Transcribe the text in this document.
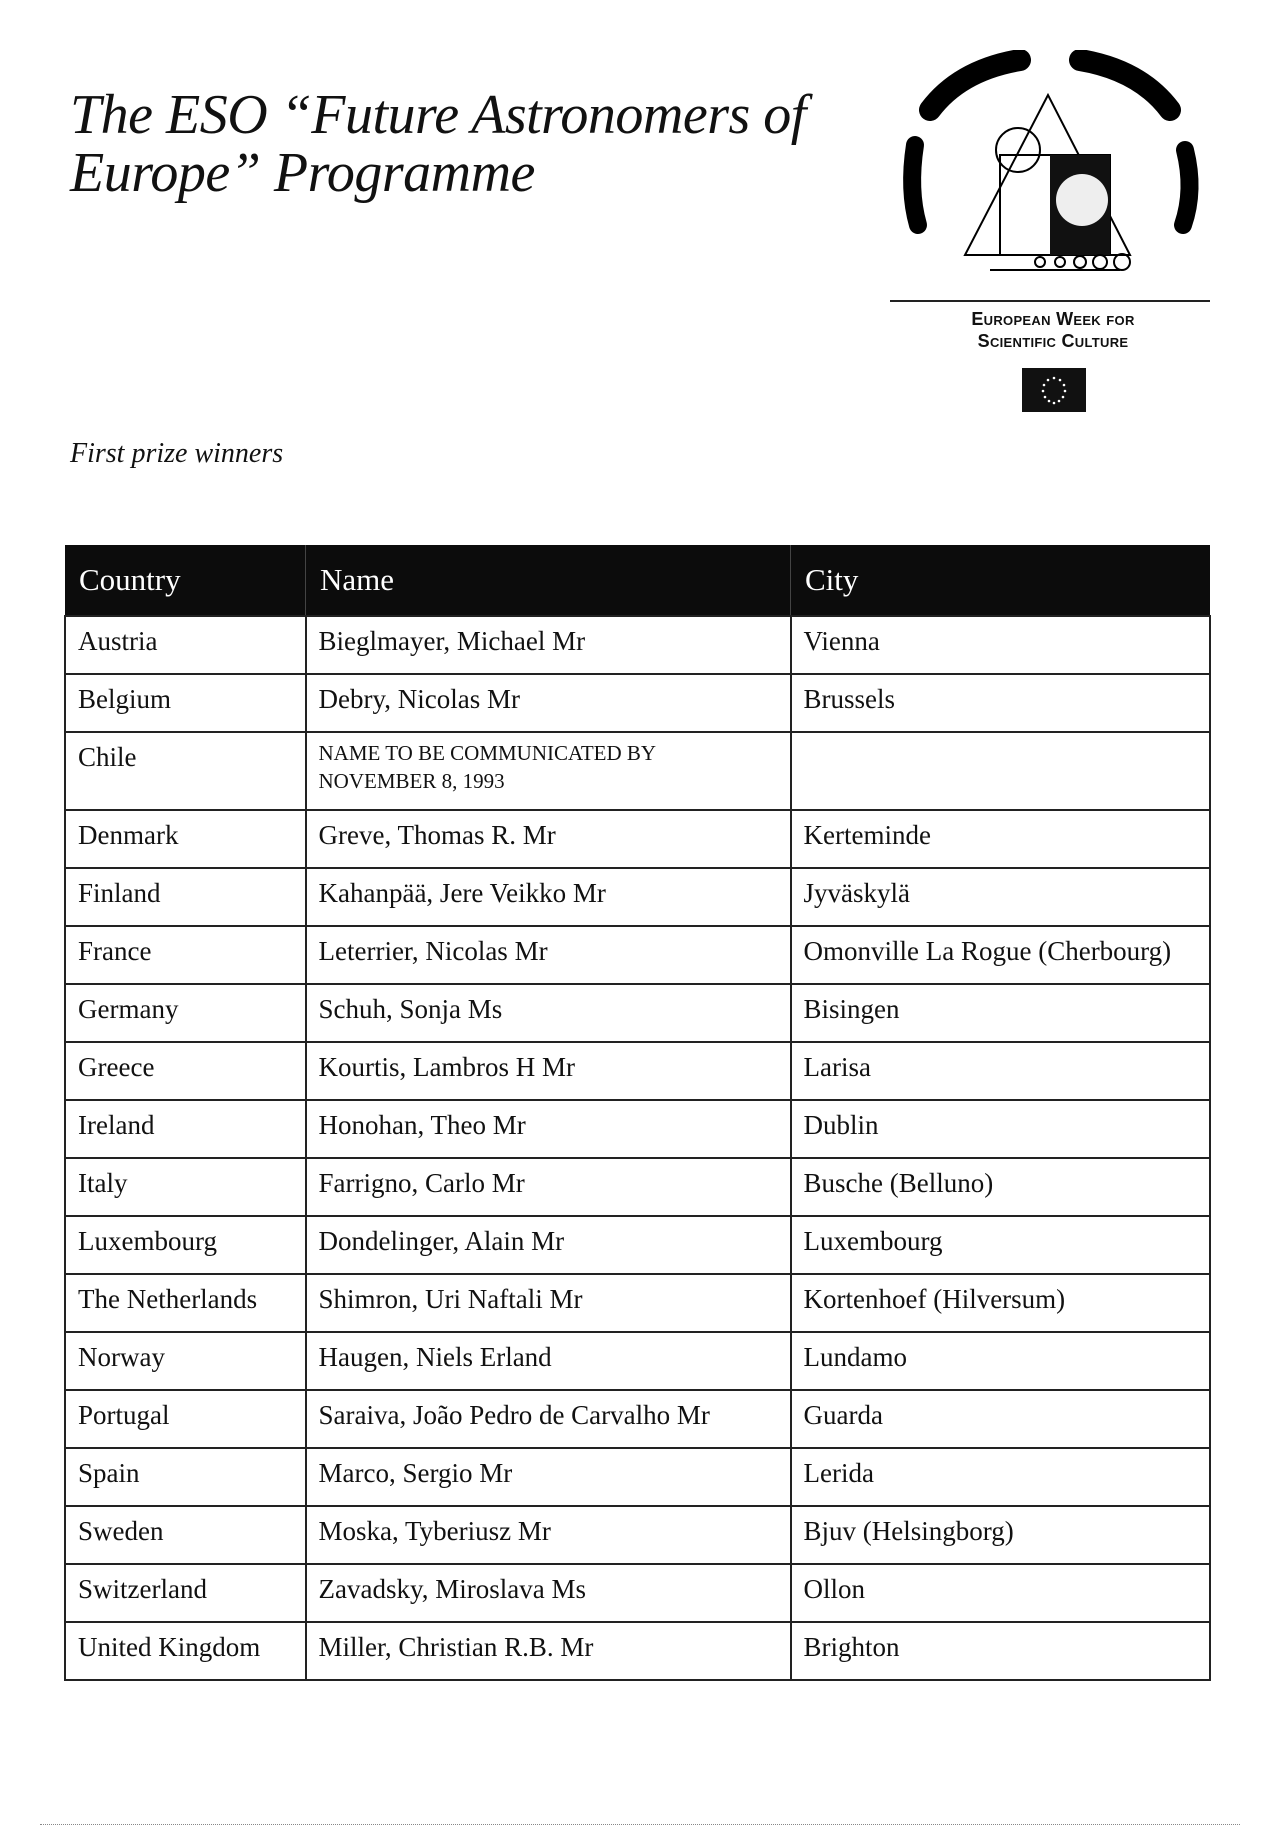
The ESO “Future Astronomers of
Europe” Programme
European Week for
Scientific Culture
First prize winners
Country	Name	City
Austria	Bieglmayer, Michael Mr	Vienna
Belgium	Debry, Nicolas Mr	Brussels
Chile	NAME TO BE COMMUNICATED BY NOVEMBER 8, 1993	
Denmark	Greve, Thomas R. Mr	Kerteminde
Finland	Kahanpää, Jere Veikko Mr	Jyväskylä
France	Leterrier, Nicolas Mr	Omonville La Rogue (Cherbourg)
Germany	Schuh, Sonja Ms	Bisingen
Greece	Kourtis, Lambros H Mr	Larisa
Ireland	Honohan, Theo Mr	Dublin
Italy	Farrigno, Carlo Mr	Busche (Belluno)
Luxembourg	Dondelinger, Alain Mr	Luxembourg
The Netherlands	Shimron, Uri Naftali Mr	Kortenhoef (Hilversum)
Norway	Haugen, Niels Erland	Lundamo
Portugal	Saraiva, João Pedro de Carvalho Mr	Guarda
Spain	Marco, Sergio Mr	Lerida
Sweden	Moska, Tyberiusz Mr	Bjuv (Helsingborg)
Switzerland	Zavadsky, Miroslava Ms	Ollon
United Kingdom	Miller, Christian R.B. Mr	Brighton
